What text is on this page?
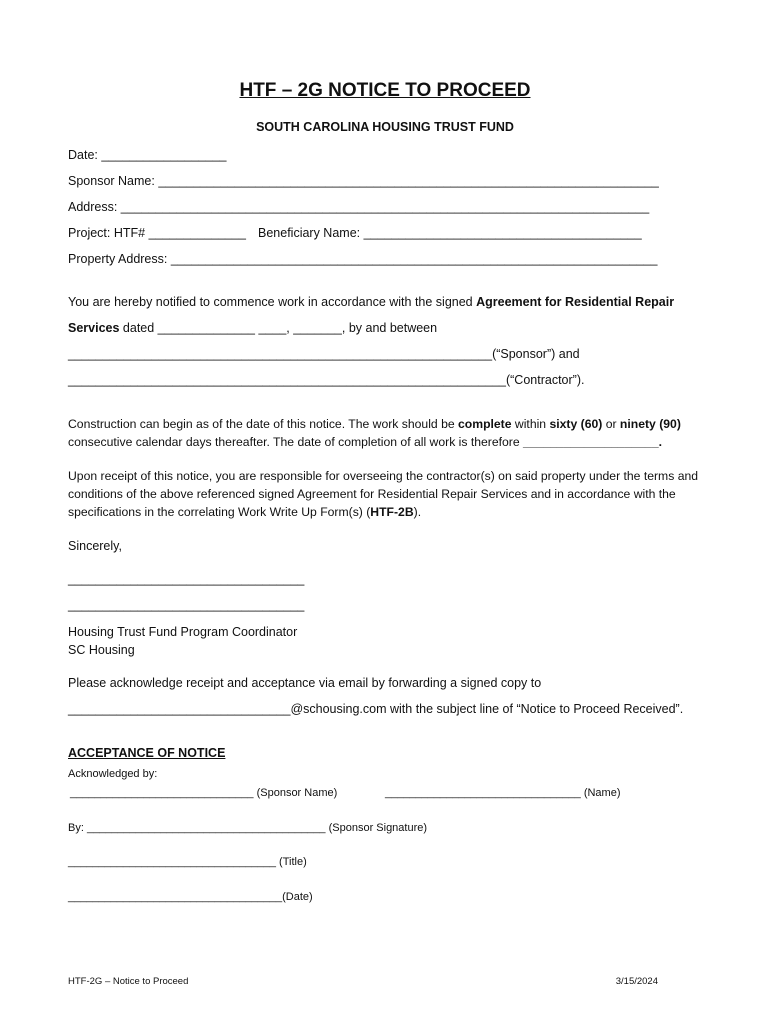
HTF – 2G NOTICE TO PROCEED
SOUTH CAROLINA HOUSING TRUST FUND
Date: __________________
Sponsor Name: ________________________________________________________________________
Address: ____________________________________________________________________________
Project: HTF# ______________ Beneficiary Name: ________________________________________
Property Address: ______________________________________________________________________
You are hereby notified to commence work in accordance with the signed Agreement for Residential Repair
Services dated ______________ ____, _______, by and between
_____________________________________________________________(“Sponsor”) and
_______________________________________________________________(“Contractor”).
Construction can begin as of the date of this notice. The work should be complete within sixty (60) or ninety (90) consecutive calendar days thereafter. The date of completion of all work is therefore ____________________.
Upon receipt of this notice, you are responsible for overseeing the contractor(s) on said property under the terms and conditions of the above referenced signed Agreement for Residential Repair Services and in accordance with the specifications in the correlating Work Write Up Form(s) (HTF-2B).
Sincerely,
__________________________________
__________________________________
Housing Trust Fund Program Coordinator
SC Housing
Please acknowledge receipt and acceptance via email by forwarding a signed copy to
________________________________@schousing.com with the subject line of “Notice to Proceed Received”.
ACCEPTANCE OF NOTICE
Acknowledged by:
______________________________ (Sponsor Name)	________________________________ (Name)
By: _______________________________________ (Sponsor Signature)
__________________________________ (Title)
___________________________________(Date)
HTF-2G – Notice to Proceed	3/15/2024
